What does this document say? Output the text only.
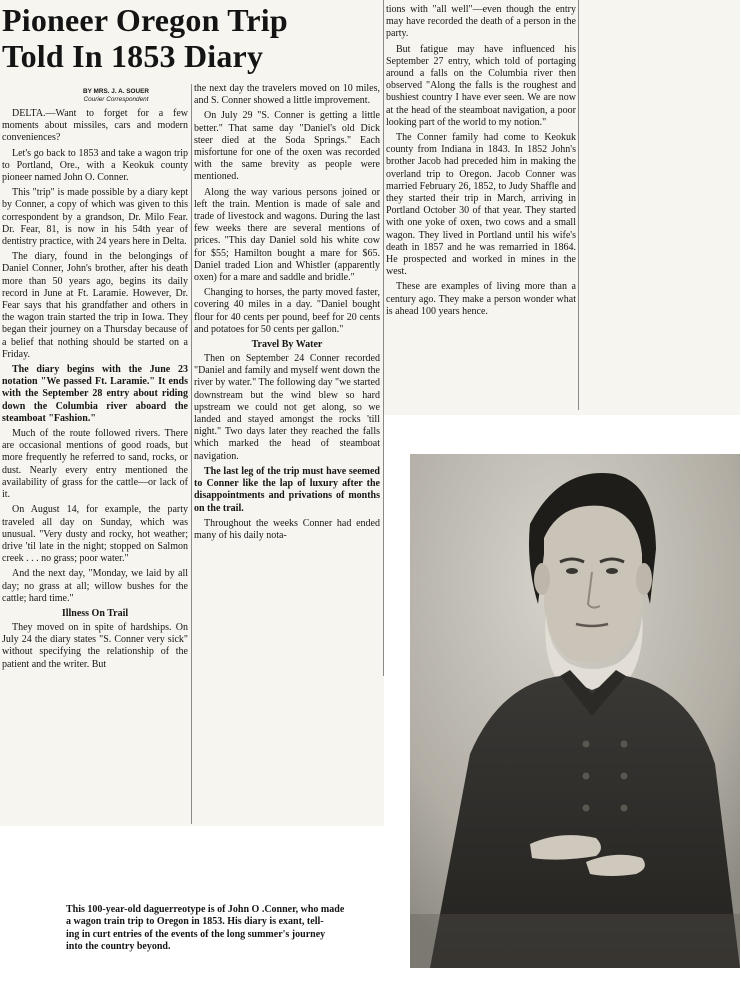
Pioneer Oregon Trip
Told In 1853 Diary
BY MRS. J. A. SOUER
Courier Correspondent

DELTA.—Want to forget for a few moments about missiles, cars and modern conveniences?

Let's go back to 1853 and take a wagon trip to Portland, Ore., with a Keokuk county pioneer named John O. Conner.

This "trip" is made possible by a diary kept by Conner, a copy of which was given to this correspondent by a grandson, Dr. Milo Fear. Dr. Fear, 81, is now in his 54th year of dentistry practice, with 24 years here in Delta.

The diary, found in the belongings of Daniel Conner, John's brother, after his death more than 50 years ago, begins its daily record in June at Ft. Laramie. However, Dr. Fear says that his grandfather and others in the wagon train started the trip in Iowa. They began their journey on a Thursday because of a belief that nothing should be started on a Friday.

The diary begins with the June 23 notation "We passed Ft. Laramie." It ends with the September 28 entry about riding down the Columbia river aboard the steamboat "Fashion."

Much of the route followed rivers. There are occasional mentions of good roads, but more frequently he referred to sand, rocks, or dust. Nearly every entry mentioned the availability of grass for the cattle—or lack of it.

On August 14, for example, the party traveled all day on Sunday, which was unusual. "Very dusty and rocky, hot weather; drive 'til late in the night; stopped on Salmon creek . . . no grass; poor water."

And the next day, "Monday, we laid by all day; no grass at all; willow bushes for the cattle; hard time."

Illness On Trail

They moved on in spite of hardships. On July 24 the diary states "S. Conner very sick" without specifying the relationship of the patient and the writer. But

the next day the travelers moved on 10 miles, and S. Conner showed a little improvement.

On July 29 "S. Conner is getting a little better." That same day "Daniel's old Dick steer died at the Soda Springs." Each misfortune for one of the oxen was recorded with the same brevity as people were mentioned.

Along the way various persons joined or left the train. Mention is made of sale and trade of livestock and wagons. During the last few weeks there are several mentions of prices. "This day Daniel sold his white cow for $55; Hamilton bought a mare for $65. Daniel traded Lion and Whistler (apparently oxen) for a mare and saddle and bridle."

Changing to horses, the party moved faster, covering 40 miles in a day. "Daniel bought flour for 40 cents per pound, beef for 20 cents and potatoes for 50 cents per gallon."

Travel By Water

Then on September 24 Conner recorded "Daniel and family and myself went down the river by water." The following day "we started downstream but the wind blew so hard upstream we could not get along, so we landed and stayed amongst the rocks 'till night." Two days later they reached the falls which marked the head of steamboat navigation.

The last leg of the trip must have seemed to Conner like the lap of luxury after the disappointments and privations of months on the trail.

Throughout the weeks Conner had ended many of his daily nota-

tions with "all well"—even though the entry may have recorded the death of a person in the party.

But fatigue may have influenced his September 27 entry, which told of portaging around a falls on the Columbia river then observed "Along the falls is the roughest and bushiest country I have ever seen. We are now at the head of the steamboat navigation, a poor looking part of the world to my notion."

The Conner family had come to Keokuk county from Indiana in 1843. In 1852 John's brother Jacob had preceded him in making the overland trip to Oregon. Jacob Conner was married February 26, 1852, to Judy Shaffle and they started their trip in March, arriving in Portland October 30 of that year. They started with one yoke of oxen, two cows and a small wagon. They lived in Portland until his wife's death in 1857 and he was remarried in 1864. He prospected and worked in mines in the west.

These are examples of living more than a century ago. They make a person wonder what is ahead 100 years hence.

This 100-year-old daguerreotype is of John O .Conner, who made
a wagon train trip to Oregon in 1853. His diary is exant, tell-
ing in curt entries of the events of the long summer's journey
into the country beyond.
